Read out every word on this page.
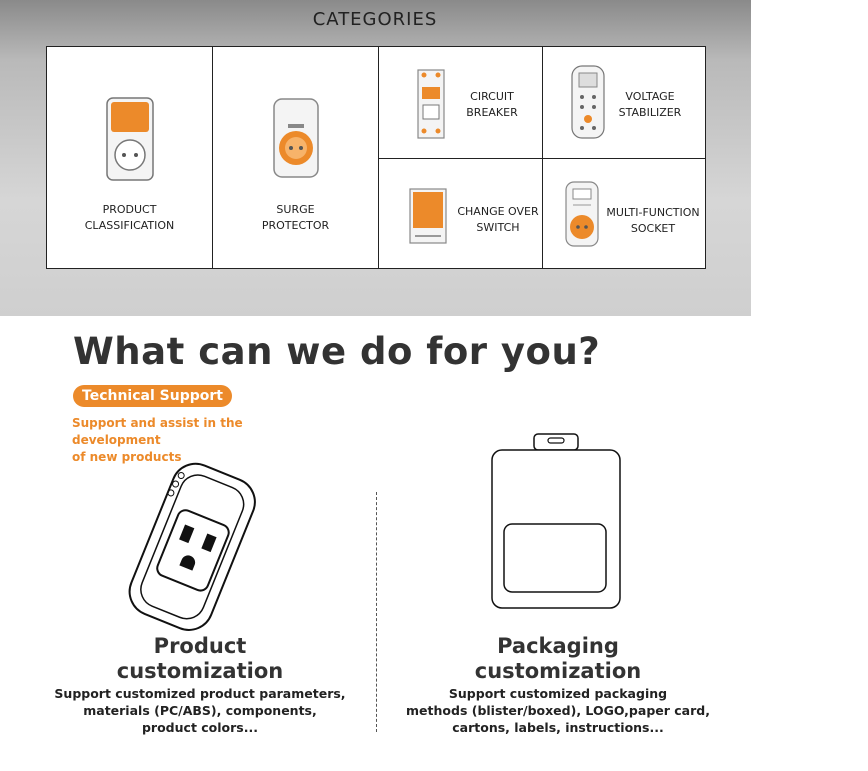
CATEGORIES
PRODUCT
CLASSIFICATION
SURGE
PROTECTOR
CIRCUIT
BREAKER
VOLTAGE
STABILIZER
CHANGE OVER
SWITCH
MULTI-FUNCTION
SOCKET
What can we do for you?
Technical Support
Support and assist in the development
of new products
Product
customization
Support customized product parameters,
materials (PC/ABS), components,
product colors...
Packaging
customization
Support customized packaging
methods (blister/boxed), LOGO,paper card,
cartons, labels, instructions...
